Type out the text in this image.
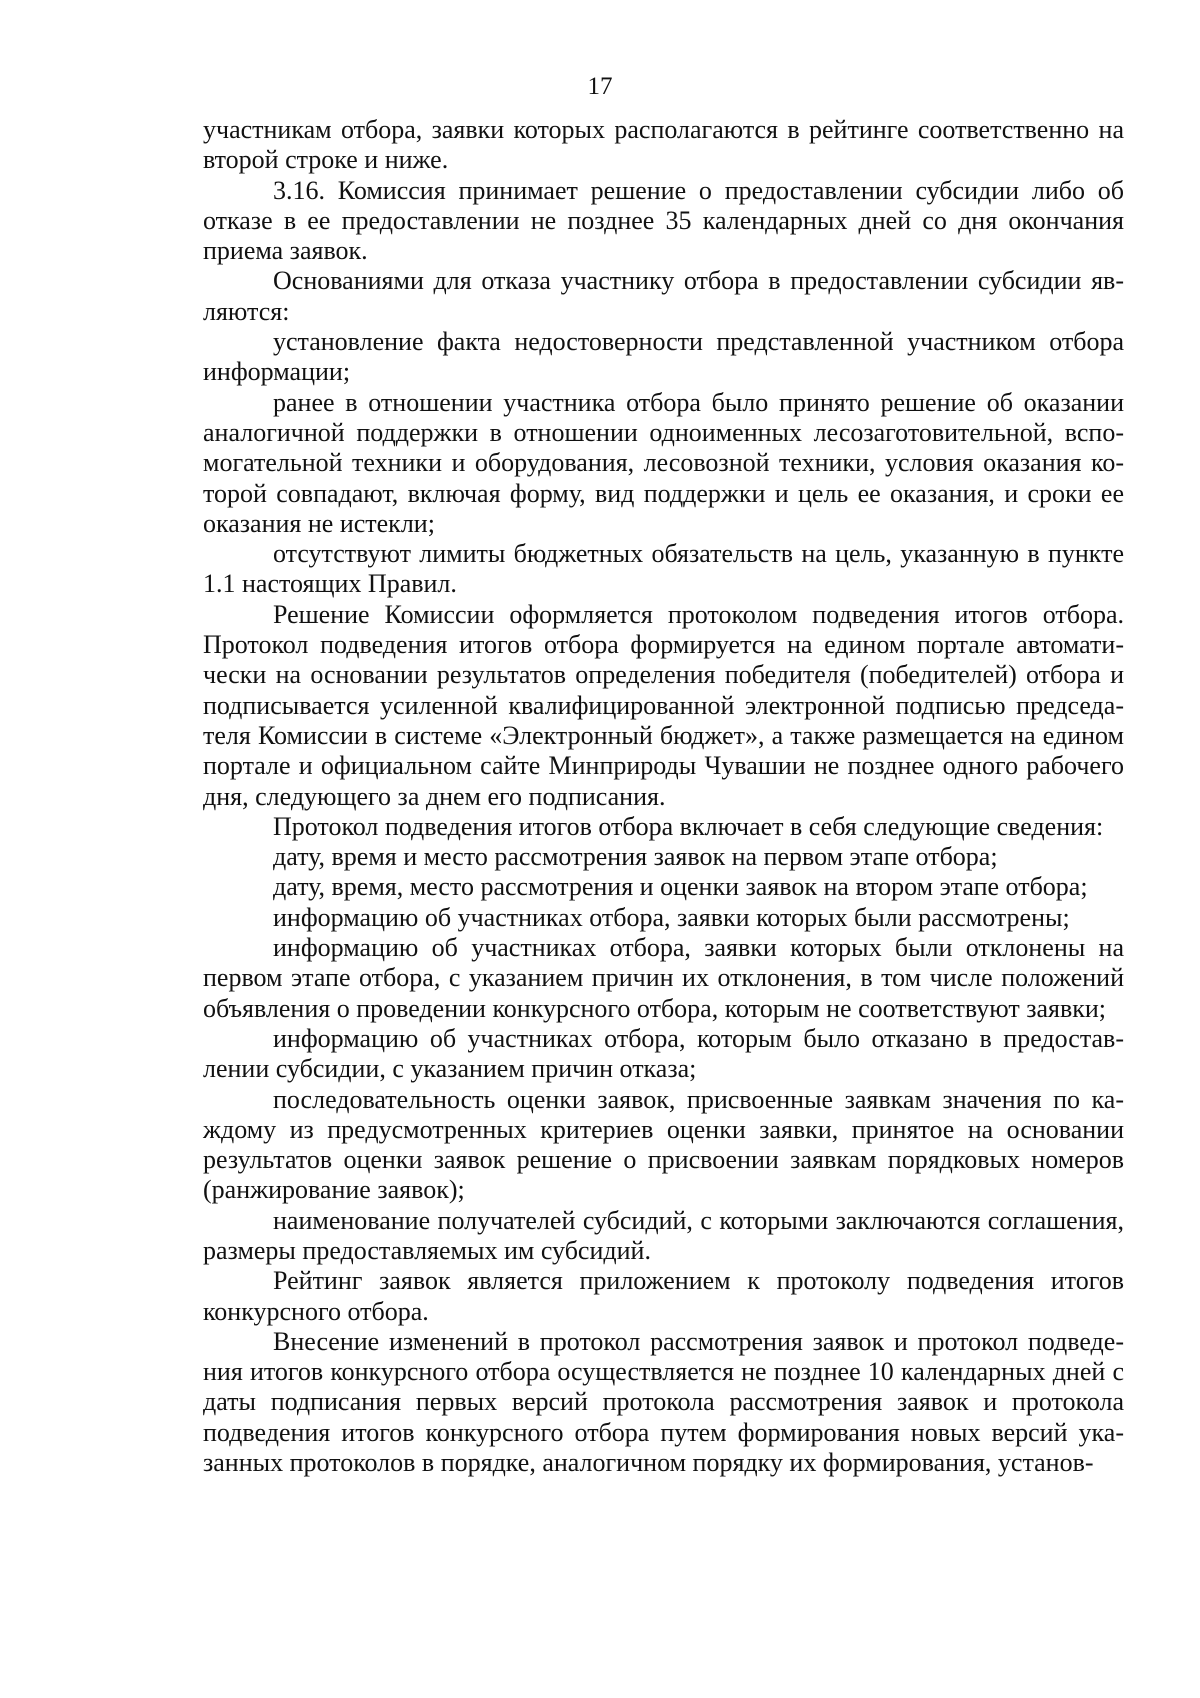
17

участникам отбора, заявки которых располагаются в рейтинге соответственно на второй строке и ниже.

3.16. Комиссия принимает решение о предоставлении субсидии либо об отказе в ее предоставлении не позднее 35 календарных дней со дня окончания приема заявок.

Основаниями для отказа участнику отбора в предоставлении субсидии являются:

установление факта недостоверности представленной участником отбора информации;

ранее в отношении участника отбора было принято решение об оказании аналогичной поддержки в отношении одноименных лесозаготовительной, вспомогательной техники и оборудования, лесовозной техники, условия оказания которой совпадают, включая форму, вид поддержки и цель ее оказания, и сроки ее оказания не истекли;

отсутствуют лимиты бюджетных обязательств на цель, указанную в пункте 1.1 настоящих Правил.

Решение Комиссии оформляется протоколом подведения итогов отбора. Протокол подведения итогов отбора формируется на едином портале автоматически на основании результатов определения победителя (победителей) отбора и подписывается усиленной квалифицированной электронной подписью председателя Комиссии в системе «Электронный бюджет», а также размещается на едином портале и официальном сайте Минприроды Чувашии не позднее одного рабочего дня, следующего за днем его подписания.

Протокол подведения итогов отбора включает в себя следующие сведения:

дату, время и место рассмотрения заявок на первом этапе отбора;

дату, время, место рассмотрения и оценки заявок на втором этапе отбора;

информацию об участниках отбора, заявки которых были рассмотрены;

информацию об участниках отбора, заявки которых были отклонены на первом этапе отбора, с указанием причин их отклонения, в том числе положений объявления о проведении конкурсного отбора, которым не соответствуют заявки;

информацию об участниках отбора, которым было отказано в предоставлении субсидии, с указанием причин отказа;

последовательность оценки заявок, присвоенные заявкам значения по каждому из предусмотренных критериев оценки заявки, принятое на основании результатов оценки заявок решение о присвоении заявкам порядковых номеров (ранжирование заявок);

наименование получателей субсидий, с которыми заключаются соглашения, размеры предоставляемых им субсидий.

Рейтинг заявок является приложением к протоколу подведения итогов конкурсного отбора.

Внесение изменений в протокол рассмотрения заявок и протокол подведения итогов конкурсного отбора осуществляется не позднее 10 календарных дней с даты подписания первых версий протокола рассмотрения заявок и протокола подведения итогов конкурсного отбора путем формирования новых версий указанных протоколов в порядке, аналогичном порядку их формирования, установ-
